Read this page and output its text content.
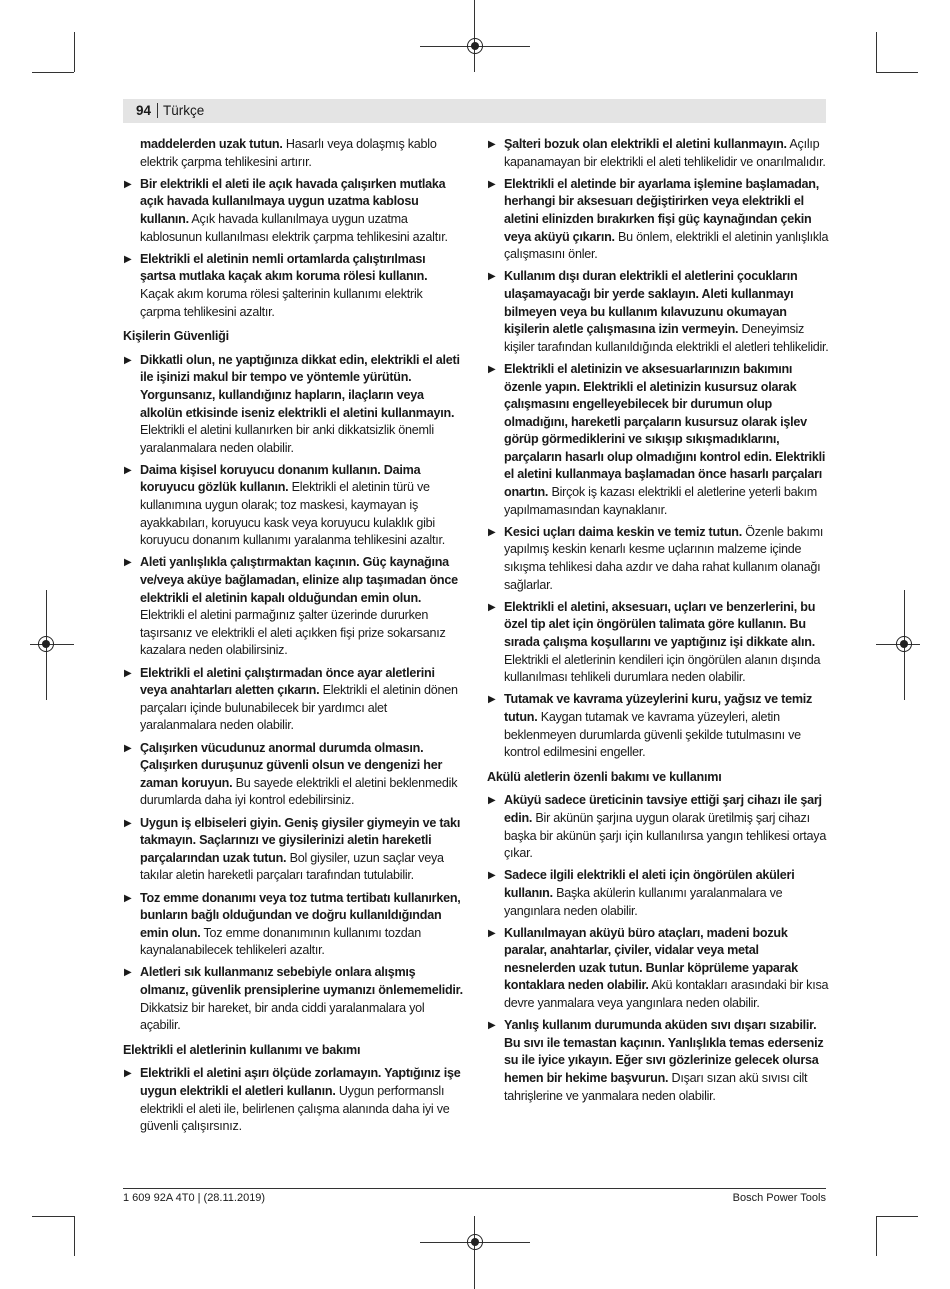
94 Türkçe
maddelerden uzak tutun. Hasarlı veya dolaşmış kablo elektrik çarpma tehlikesini artırır.
▶ Bir elektrikli el aleti ile açık havada çalışırken mutlaka açık havada kullanılmaya uygun uzatma kablosu kullanın. Açık havada kullanılmaya uygun uzatma kablosunun kullanılması elektrik çarpma tehlikesini azaltır.
▶ Elektrikli el aletinin nemli ortamlarda çalıştırılması şartsa mutlaka kaçak akım koruma rölesi kullanın. Kaçak akım koruma rölesi şalterinin kullanımı elektrik çarpma tehlikesini azaltır.
Kişilerin Güvenliği
▶ Dikkatli olun, ne yaptığınıza dikkat edin, elektrikli el aleti ile işinizi makul bir tempo ve yöntemle yürütün. Yorgunsanız, kullandığınız hapların, ilaçların veya alkolün etkisinde iseniz elektrikli el aletini kullanmayın. Elektrikli el aletini kullanırken bir anki dikkatsizlik önemli yaralanmalara neden olabilir.
▶ Daima kişisel koruyucu donanım kullanın. Daima koruyucu gözlük kullanın. Elektrikli el aletinin türü ve kullanımına uygun olarak; toz maskesi, kaymayan iş ayakkabıları, koruyucu kask veya koruyucu kulaklık gibi koruyucu donanım kullanımı yaralanma tehlikesini azaltır.
▶ Aleti yanlışlıkla çalıştırmaktan kaçının. Güç kaynağına ve/veya aküye bağlamadan, elinize alıp taşımadan önce elektrikli el aletinin kapalı olduğundan emin olun. Elektrikli el aletini parmağınız şalter üzerinde dururken taşırsanız ve elektrikli el aleti açıkken fişi prize sokarsanız kazalara neden olabilirsiniz.
▶ Elektrikli el aletini çalıştırmadan önce ayar aletlerini veya anahtarları aletten çıkarın. Elektrikli el aletinin dönen parçaları içinde bulunabilecek bir yardımcı alet yaralanmalara neden olabilir.
▶ Çalışırken vücudunuz anormal durumda olmasın. Çalışırken duruşunuz güvenli olsun ve dengenizi her zaman koruyun. Bu sayede elektrikli el aletini beklenmedik durumlarda daha iyi kontrol edebilirsiniz.
▶ Uygun iş elbiseleri giyin. Geniş giysiler giymeyin ve takı takmayın. Saçlarınızı ve giysilerinizi aletin hareketli parçalarından uzak tutun. Bol giysiler, uzun saçlar veya takılar aletin hareketli parçaları tarafından tutulabilir.
▶ Toz emme donanımı veya toz tutma tertibatı kullanırken, bunların bağlı olduğundan ve doğru kullanıldığından emin olun. Toz emme donanımının kullanımı tozdan kaynalanabilecek tehlikeleri azaltır.
▶ Aletleri sık kullanmanız sebebiyle onlara alışmış olmanız, güvenlik prensiplerine uymanızı önlememelidir. Dikkatsiz bir hareket, bir anda ciddi yaralanmalara yol açabilir.
Elektrikli el aletlerinin kullanımı ve bakımı
▶ Elektrikli el aletini aşırı ölçüde zorlamayın. Yaptığınız işe uygun elektrikli el aletleri kullanın. Uygun performanslı elektrikli el aleti ile, belirlenen çalışma alanında daha iyi ve güvenli çalışırsınız.
▶ Şalteri bozuk olan elektrikli el aletini kullanmayın. Açılıp kapanamayan bir elektrikli el aleti tehlikelidir ve onarılmalıdır.
▶ Elektrikli el aletinde bir ayarlama işlemine başlamadan, herhangi bir aksesuarı değiştirirken veya elektrikli el aletini elinizden bırakırken fişi güç kaynağından çekin veya aküyü çıkarın. Bu önlem, elektrikli el aletinin yanlışlıkla çalışmasını önler.
▶ Kullanım dışı duran elektrikli el aletlerini çocukların ulaşamayacağı bir yerde saklayın. Aleti kullanmayı bilmeyen veya bu kullanım kılavuzunu okumayan kişilerin aletle çalışmasına izin vermeyin. Deneyimsiz kişiler tarafından kullanıldığında elektrikli el aletleri tehlikelidir.
▶ Elektrikli el aletinizin ve aksesuarlarınızın bakımını özenle yapın. Elektrikli el aletinizin kusursuz olarak çalışmasını engelleyebilecek bir durumun olup olmadığını, hareketli parçaların kusursuz olarak işlev görüp görmediklerini ve sıkışıp sıkışmadıklarını, parçaların hasarlı olup olmadığını kontrol edin. Elektrikli el aletini kullanmaya başlamadan önce hasarlı parçaları onartın. Birçok iş kazası elektrikli el aletlerine yeterli bakım yapılmamasından kaynaklanır.
▶ Kesici uçları daima keskin ve temiz tutun. Özenle bakımı yapılmış keskin kenarlı kesme uçlarının malzeme içinde sıkışma tehlikesi daha azdır ve daha rahat kullanım olanağı sağlarlar.
▶ Elektrikli el aletini, aksesuarı, uçları ve benzerlerini, bu özel tip alet için öngörülen talimata göre kullanın. Bu sırada çalışma koşullarını ve yaptığınız işi dikkate alın. Elektrikli el aletlerinin kendileri için öngörülen alanın dışında kullanılması tehlikeli durumlara neden olabilir.
▶ Tutamak ve kavrama yüzeylerini kuru, yağsız ve temiz tutun. Kaygan tutamak ve kavrama yüzeyleri, aletin beklenmeyen durumlarda güvenli şekilde tutulmasını ve kontrol edilmesini engeller.
Akülü aletlerin özenli bakımı ve kullanımı
▶ Aküyü sadece üreticinin tavsiye ettiği şarj cihazı ile şarj edin. Bir akünün şarjına uygun olarak üretilmiş şarj cihazı başka bir akünün şarjı için kullanılırsa yangın tehlikesi ortaya çıkar.
▶ Sadece ilgili elektrikli el aleti için öngörülen aküleri kullanın. Başka akülerin kullanımı yaralanmalara ve yangınlara neden olabilir.
▶ Kullanılmayan aküyü büro ataçları, madeni bozuk paralar, anahtarlar, çiviler, vidalar veya metal nesnelerden uzak tutun. Bunlar köprüleme yaparak kontaklara neden olabilir. Akü kontakları arasındaki bir kısa devre yanmalara veya yangınlara neden olabilir.
▶ Yanlış kullanım durumunda aküden sıvı dışarı sızabilir. Bu sıvı ile temastan kaçının. Yanlışlıkla temas ederseniz su ile iyice yıkayın. Eğer sıvı gözlerinize gelecek olursa hemen bir hekime başvurun. Dışarı sızan akü sıvısı cilt tahrişlerine ve yanmalara neden olabilir.
1 609 92A 4T0 | (28.11.2019)	Bosch Power Tools
